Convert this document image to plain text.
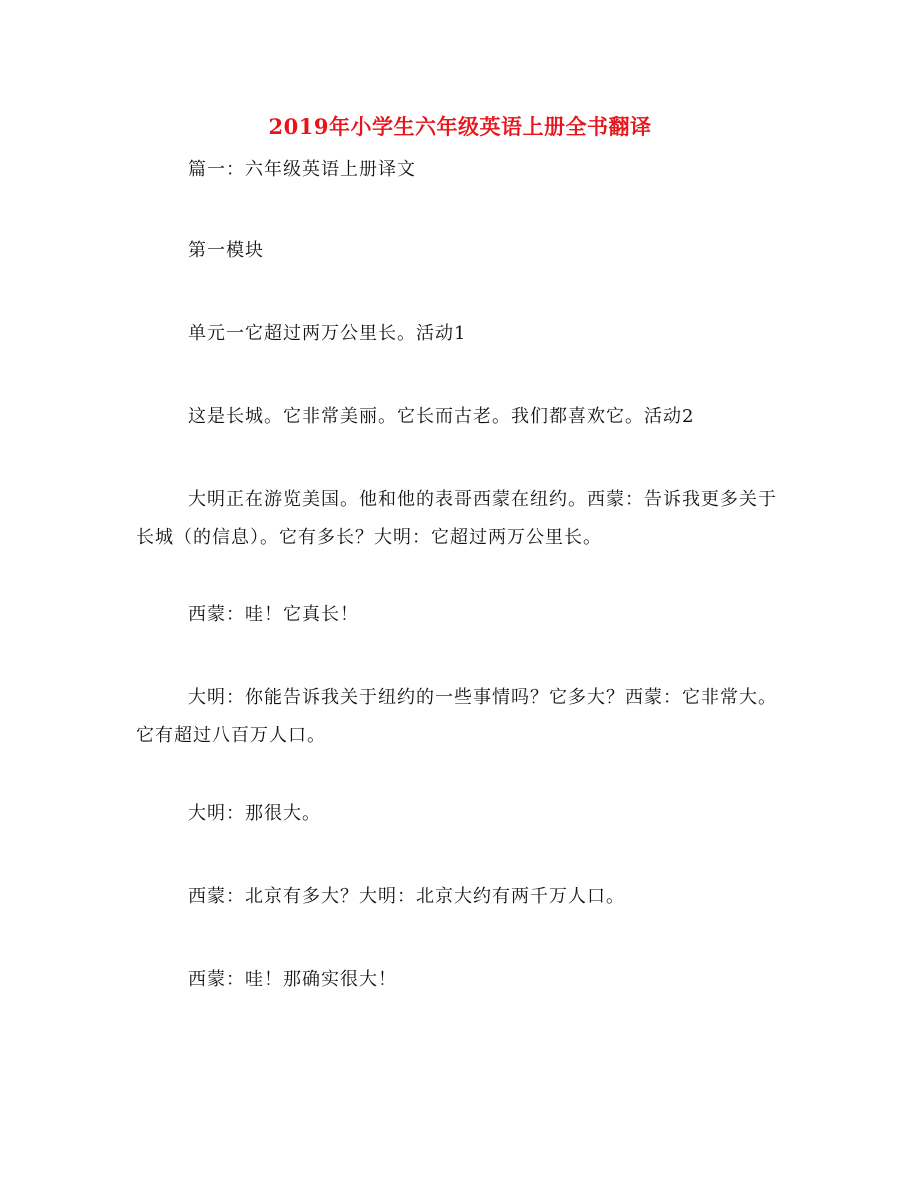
2019年小学生六年级英语上册全书翻译

篇一：六年级英语上册译文

第一模块

单元一它超过两万公里长。活动1

这是长城。它非常美丽。它长而古老。我们都喜欢它。活动2

大明正在游览美国。他和他的表哥西蒙在纽约。西蒙：告诉我更多关于长城（的信息）。它有多长？大明：它超过两万公里长。

西蒙：哇！它真长！

大明：你能告诉我关于纽约的一些事情吗？它多大？西蒙：它非常大。它有超过八百万人口。

大明：那很大。

西蒙：北京有多大？大明：北京大约有两千万人口。

西蒙：哇！那确实很大！
